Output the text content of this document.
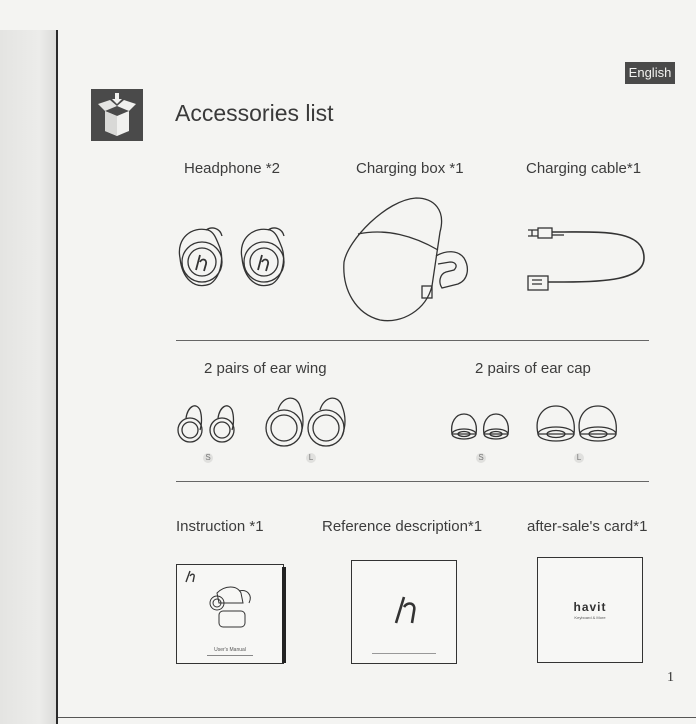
English
Accessories list
Headphone *2	Charging box *1	Charging cable*1
2 pairs of ear wing	2 pairs of ear cap
S	L	S	L
Instruction *1	Reference description*1	after-sale's card*1
User's Manual
havit
Keyboard & More
1
